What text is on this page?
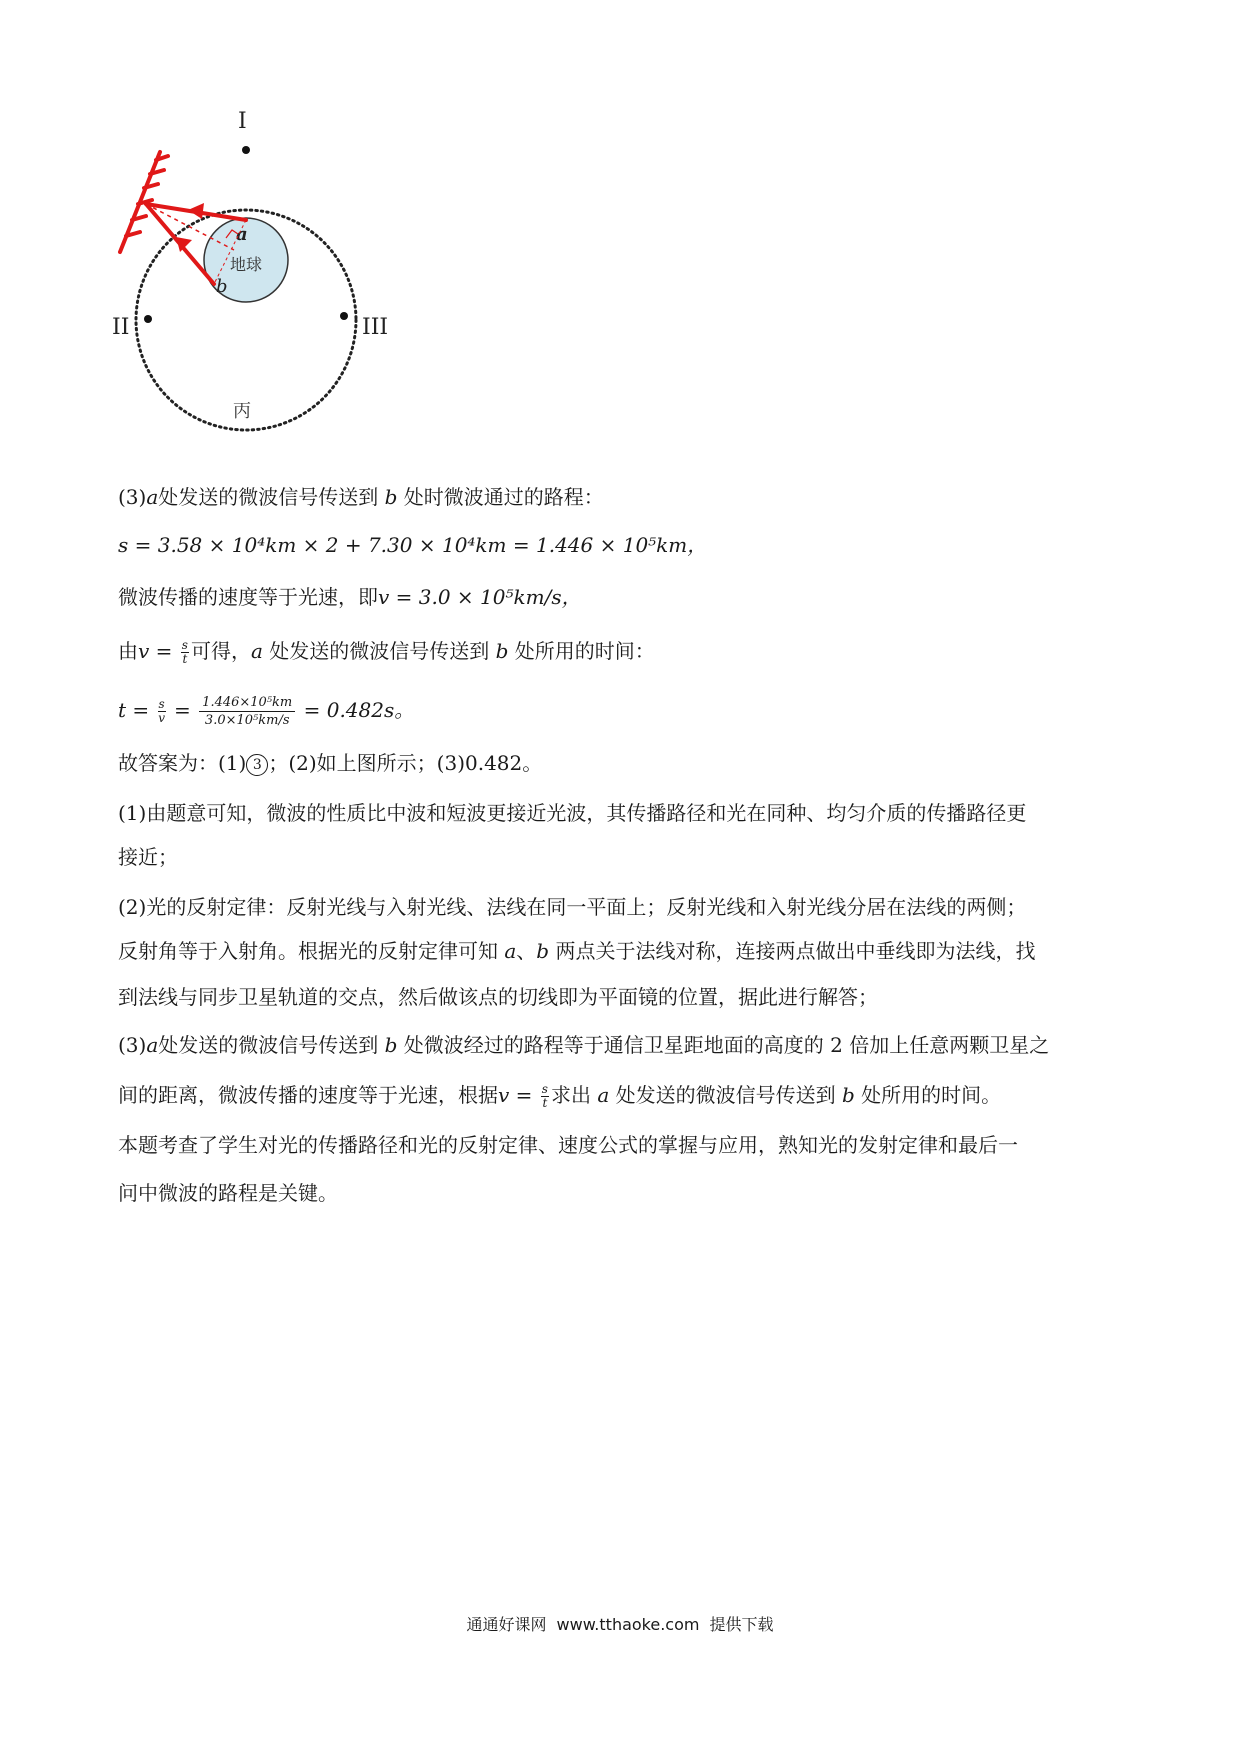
I
II	III
地球
a
b
丙
(3)a处发送的微波信号传送到 b 处时微波通过的路程：
s = 3.58 × 10⁴km × 2 + 7.30 × 10⁴km = 1.446 × 10⁵km，
微波传播的速度等于光速，即v = 3.0 × 10⁵km/s，
由$v = \frac{s}{t}$ 可得，a 处发送的微波信号传送到 b 处所用的时间：
$t = \frac{s}{v} = \frac{\text{1.446×10⁵km}}{\text{3.0×10⁵km/s}} = 0.482s$。
故答案为：(1) 3 ；(2)如上图所示；(3)0.482。
(1)由题意可知，微波的性质比中波和短波更接近光波，其传播路径和光在同种、均匀介质的传播路径更
接近；
(2)光的反射定律：反射光线与入射光线、法线在同一平面上；反射光线和入射光线分居在法线的两侧；
反射角等于入射角。根据光的反射定律可知 a、b 两点关于法线对称，连接两点做出中垂线即为法线，找
到法线与同步卫星轨道的交点，然后做该点的切线即为平面镜的位置，据此进行解答；
(3)a处发送的微波信号传送到 b 处微波经过的路程等于通信卫星距地面的高度的 2 倍加上任意两颗卫星之
间的距离，微波传播的速度等于光速，根据$v = \frac{s}{t}$ 求出 a 处发送的微波信号传送到 b 处所用的时间。
本题考查了学生对光的传播路径和光的反射定律、速度公式的掌握与应用，熟知光的发射定律和最后一
问中微波的路程是关键。
通通好课网 www.tthaoke.com 提供下载
